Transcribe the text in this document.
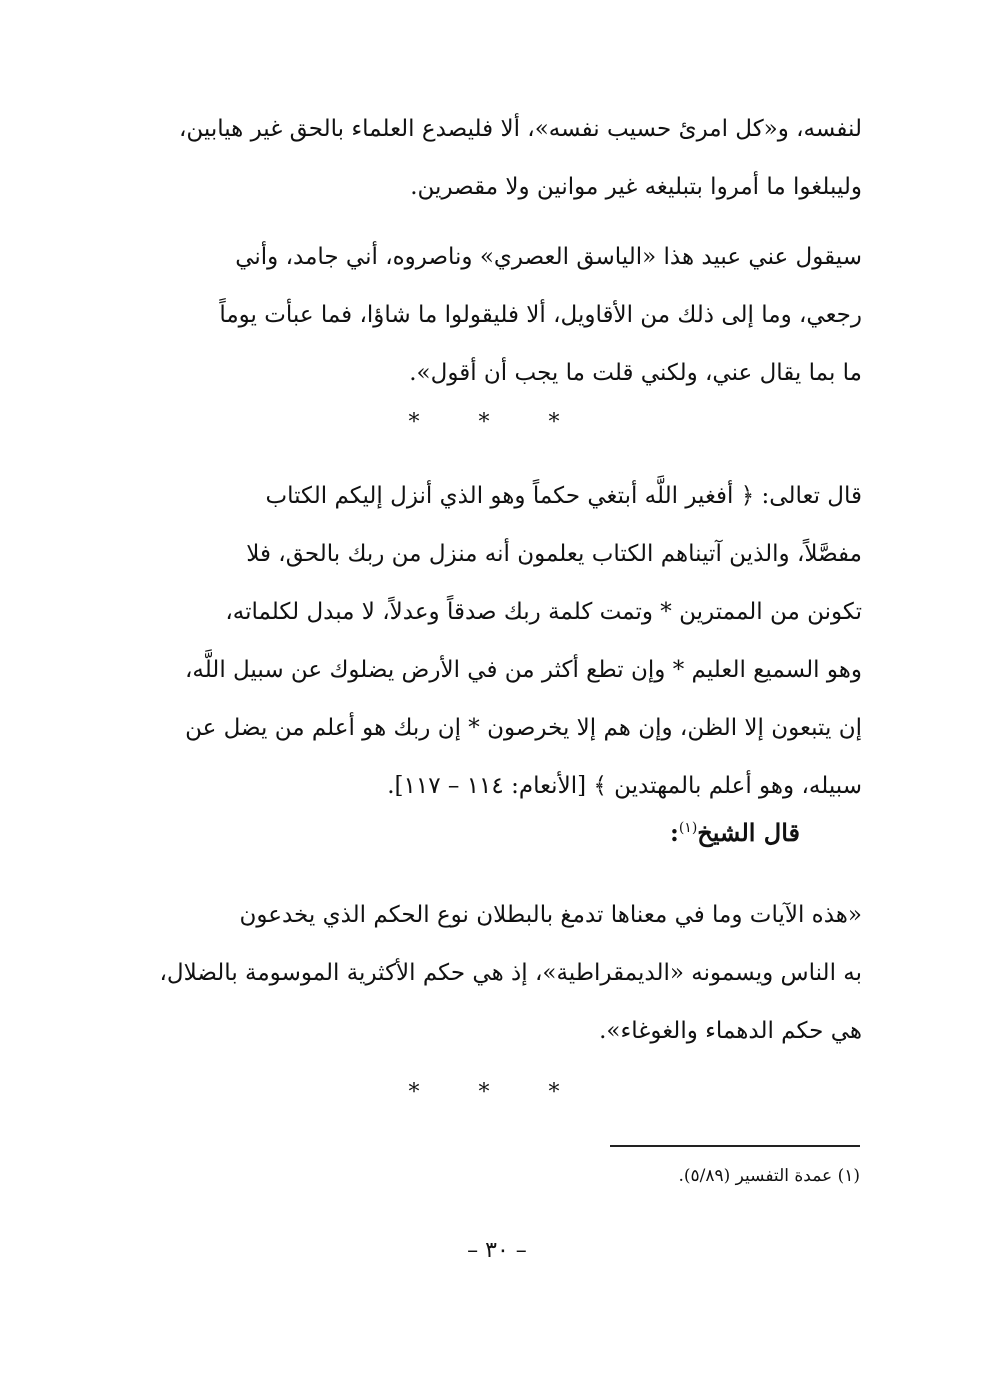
لنفسه، و«كل امرئ حسيب نفسه»، ألا فليصدع العلماء بالحق غير هيابين،
وليبلغوا ما أمروا بتبليغه غير موانين ولا مقصرين.

سيقول عني عبيد هذا «الياسق العصري» وناصروه، أني جامد، وأني
رجعي، وما إلى ذلك من الأقاويل، ألا فليقولوا ما شاؤا، فما عبأت يوماً
ما بما يقال عني، ولكني قلت ما يجب أن أقول».

* * *

قال تعالى: ﴿ أفغير اللَّه أبتغي حكماً وهو الذي أنزل إليكم الكتاب
مفصَّلاً، والذين آتيناهم الكتاب يعلمون أنه منزل من ربك بالحق، فلا
تكونن من الممترين * وتمت كلمة ربك صدقاً وعدلاً، لا مبدل لكلماته،
وهو السميع العليم * وإن تطع أكثر من في الأرض يضلوك عن سبيل اللَّه،
إن يتبعون إلا الظن، وإن هم إلا يخرصون * إن ربك هو أعلم من يضل عن
سبيله، وهو أعلم بالمهتدين ﴾ [الأنعام: ١١٤ – ١١٧].

قال الشيخ$^{(١)}$:

«هذه الآيات وما في معناها تدمغ بالبطلان نوع الحكم الذي يخدعون
به الناس ويسمونه «الديمقراطية»، إذ هي حكم الأكثرية الموسومة بالضلال،
هي حكم الدهماء والغوغاء».

* * *
(١) عمدة التفسير (٥/٨٩).
– ٣٠ –
